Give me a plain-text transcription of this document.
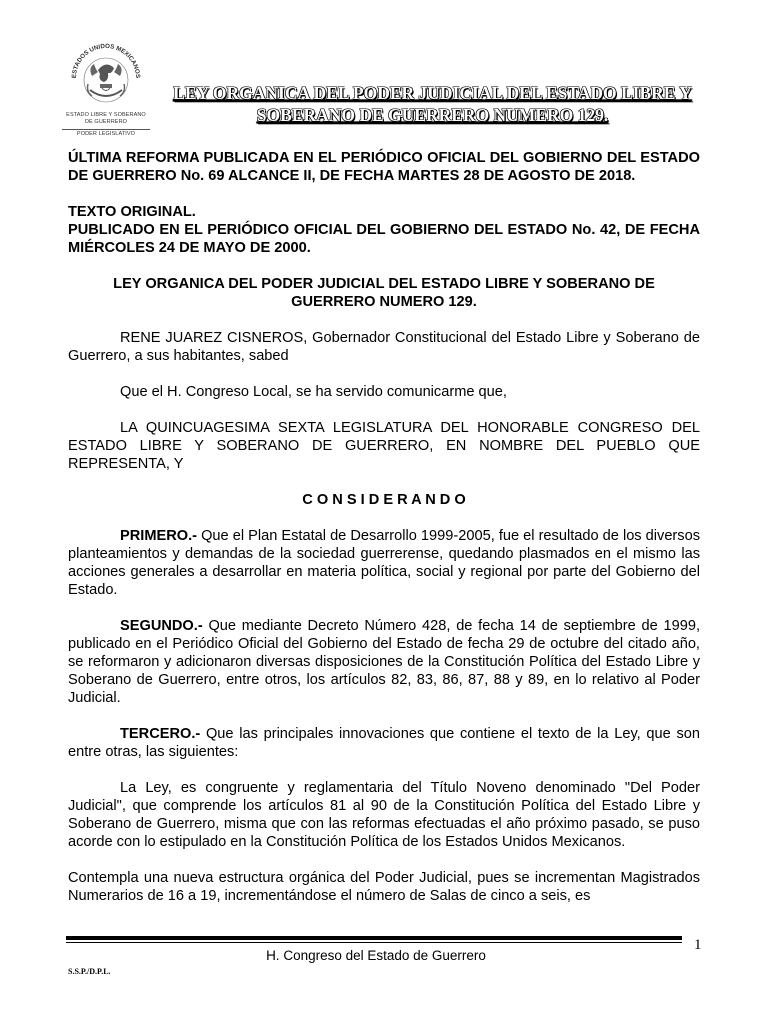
ESTADOS UNIDOS MEXICANOS
ESTADO LIBRE Y SOBERANO
DE GUERRERO
PODER LEGISLATIVO
LEY ORGANICA DEL PODER JUDICIAL DEL ESTADO LIBRE Y SOBERANO DE GUERRERO NUMERO 129.

ÚLTIMA REFORMA PUBLICADA EN EL PERIÓDICO OFICIAL DEL GOBIERNO DEL ESTADO DE GUERRERO No. 69 ALCANCE II, DE FECHA MARTES 28 DE AGOSTO DE 2018.

TEXTO ORIGINAL.

PUBLICADO EN EL PERIÓDICO OFICIAL DEL GOBIERNO DEL ESTADO No. 42, DE FECHA MIÉRCOLES 24 DE MAYO DE 2000.

LEY ORGANICA DEL PODER JUDICIAL DEL ESTADO LIBRE Y SOBERANO DE GUERRERO NUMERO 129.

RENE JUAREZ CISNEROS, Gobernador Constitucional del Estado Libre y Soberano de Guerrero, a sus habitantes, sabed

Que el H. Congreso Local, se ha servido comunicarme que,

LA QUINCUAGESIMA SEXTA LEGISLATURA DEL HONORABLE CONGRESO DEL ESTADO LIBRE Y SOBERANO DE GUERRERO, EN NOMBRE DEL PUEBLO QUE REPRESENTA, Y

C O N S I D E R A N D O

PRIMERO.- Que el Plan Estatal de Desarrollo 1999-2005, fue el resultado de los diversos planteamientos y demandas de la sociedad guerrerense, quedando plasmados en el mismo las acciones generales a desarrollar en materia política, social y regional por parte del Gobierno del Estado.

SEGUNDO.- Que mediante Decreto Número 428, de fecha 14 de septiembre de 1999, publicado en el Periódico Oficial del Gobierno del Estado de fecha 29 de octubre del citado año, se reformaron y adicionaron diversas disposiciones de la Constitución Política del Estado Libre y Soberano de Guerrero, entre otros, los artículos 82, 83, 86, 87, 88 y 89, en lo relativo al Poder Judicial.

TERCERO.- Que las principales innovaciones que contiene el texto de la Ley, que son entre otras, las siguientes:

La Ley, es congruente y reglamentaria del Título Noveno denominado "Del Poder Judicial", que comprende los artículos 81 al 90 de la Constitución Política del Estado Libre y Soberano de Guerrero, misma que con las reformas efectuadas el año próximo pasado, se puso acorde con lo estipulado en la Constitución Política de los Estados Unidos Mexicanos.

Contempla una nueva estructura orgánica del Poder Judicial, pues se incrementan Magistrados Numerarios de 16 a 19, incrementándose el número de Salas de cinco a seis, es

1
H. Congreso del Estado de Guerrero
S.S.P./D.P.L.
